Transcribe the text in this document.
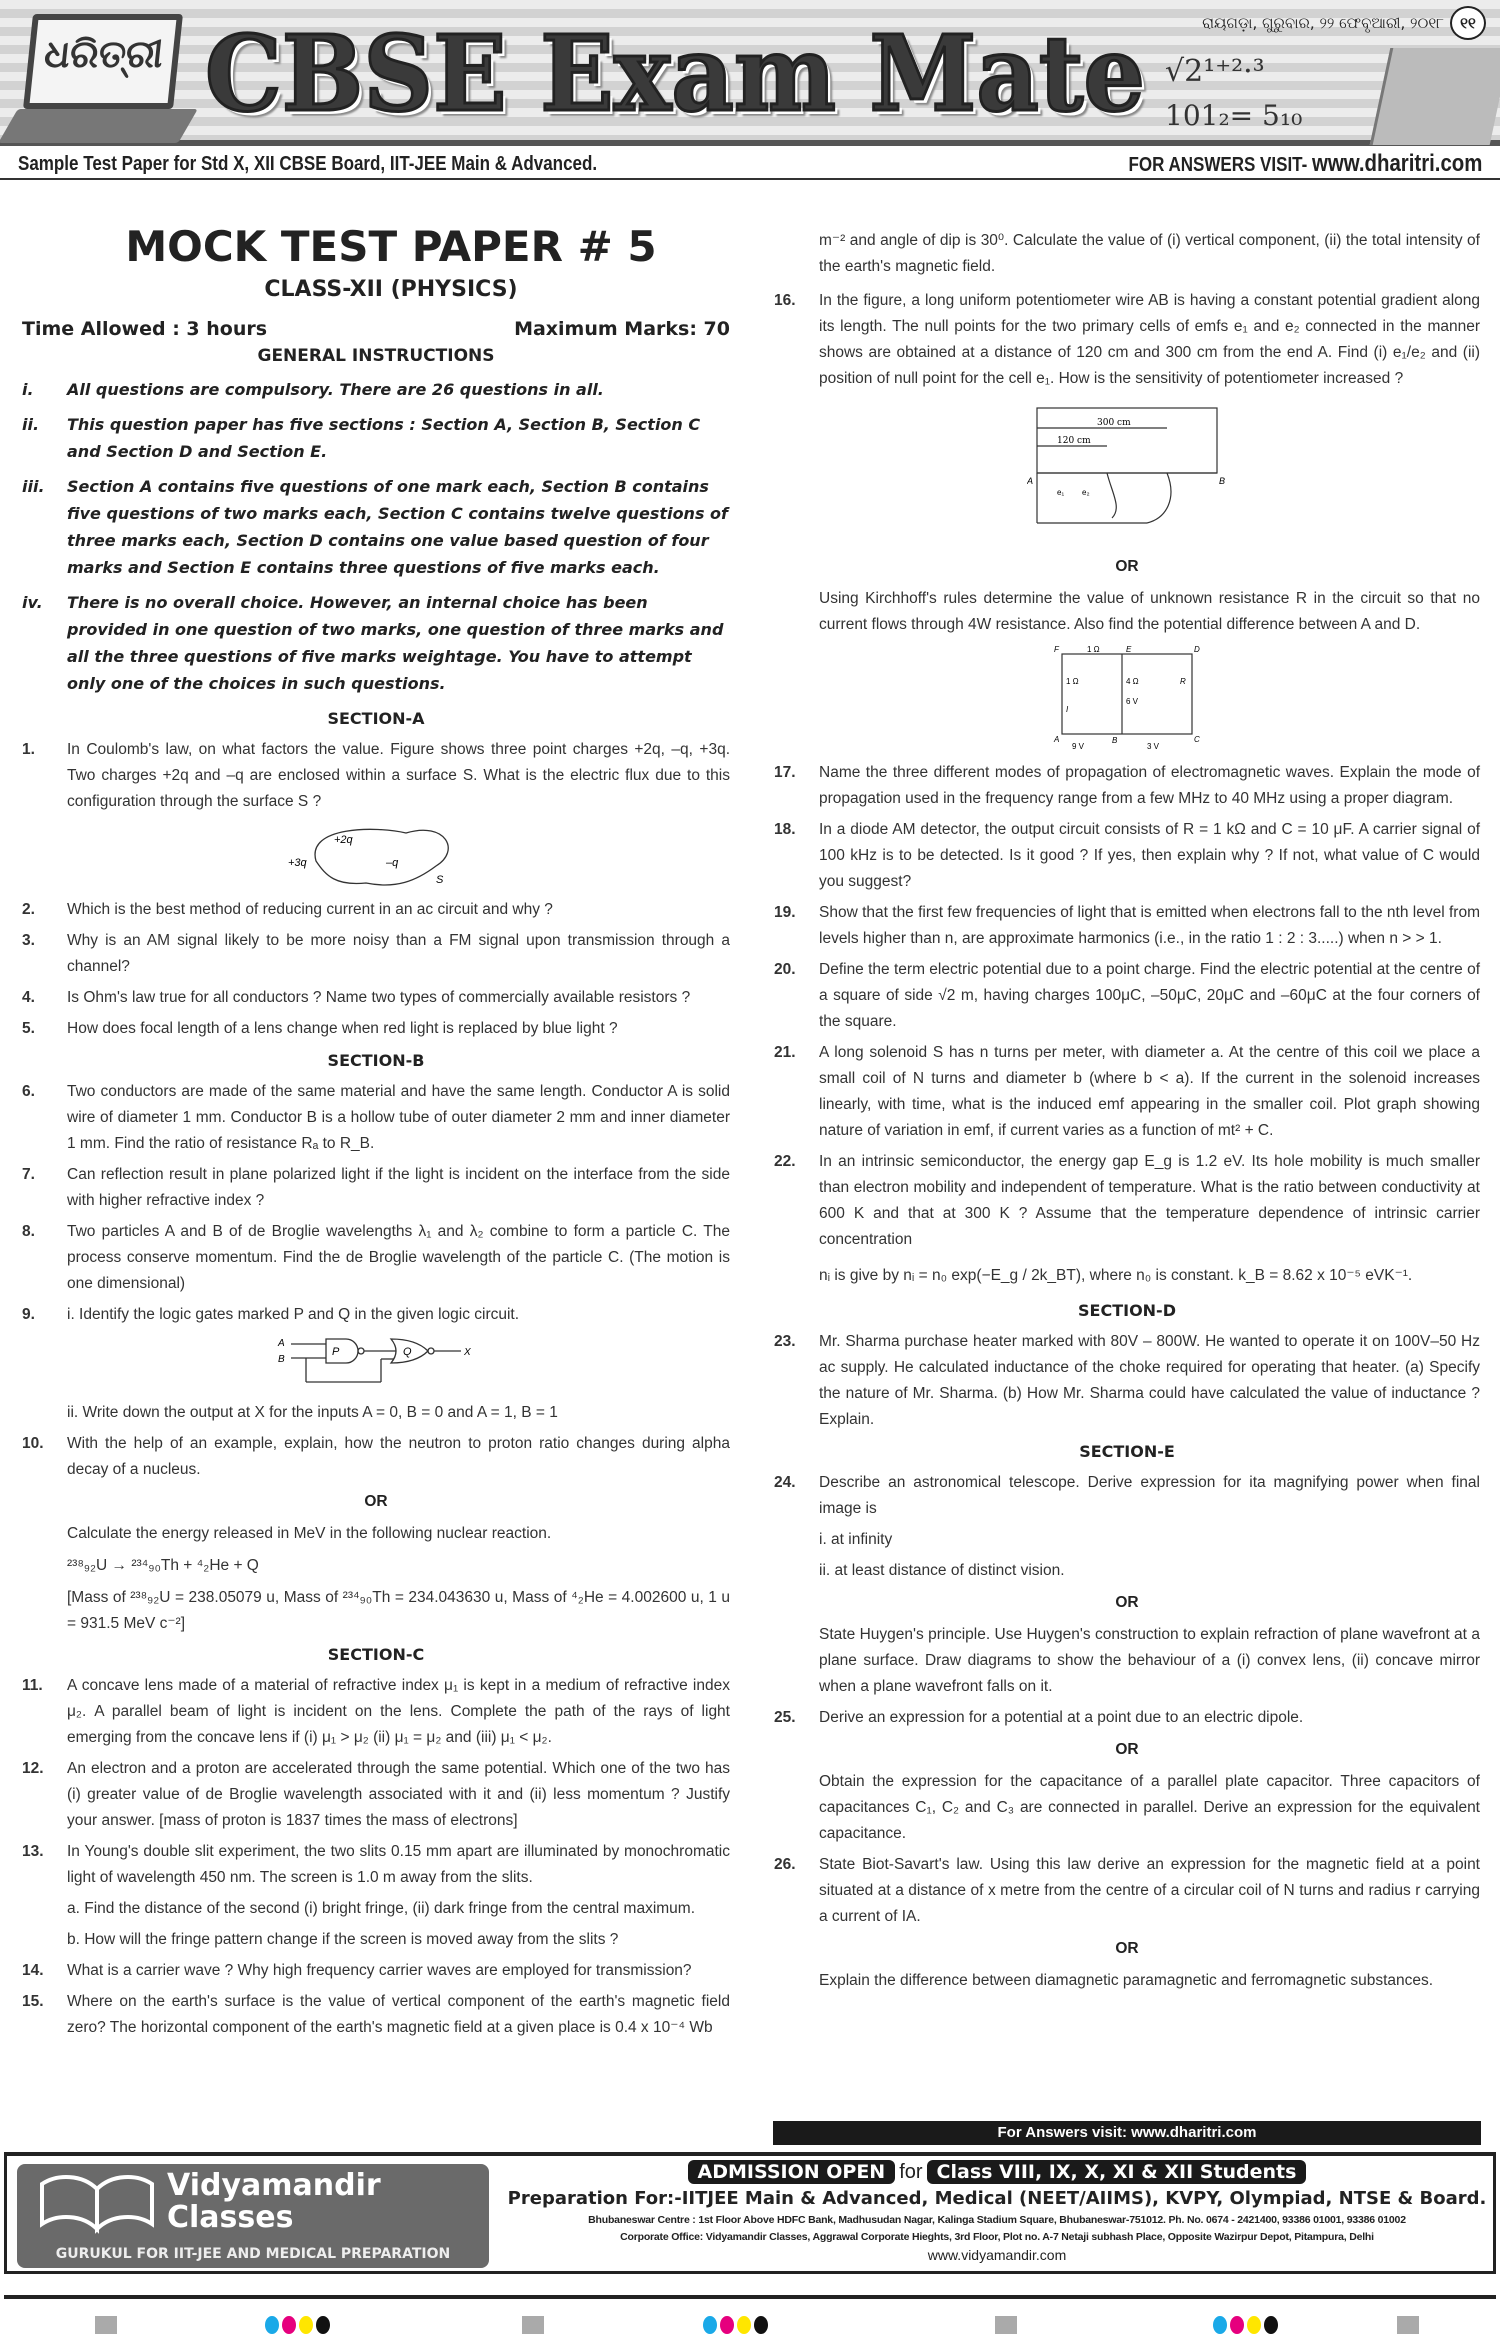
ଧରିତ୍ରୀ CBSE Exam Mate √2¹⁺²·³
101₂= 5₁₀
ରାୟଗଡ଼ା, ଗୁରୁବାର, ୨୨ ଫେବୃଆରୀ, ୨୦୧୮	୧୧
Sample Test Paper for Std X, XII CBSE Board, IIT-JEE Main & Advanced.	FOR ANSWERS VISIT- www.dharitri.com
MOCK TEST PAPER # 5
CLASS-XII (PHYSICS)
Time Allowed : 3 hours	Maximum Marks: 70
GENERAL INSTRUCTIONS
i.	All questions are compulsory. There are 26 questions in all.
ii.	This question paper has five sections : Section A, Section B, Section C and Section D and Section E.
iii.	Section A contains five questions of one mark each, Section B contains five questions of two marks each, Section C contains twelve questions of three marks each, Section D contains one value based question of four marks and Section E contains three questions of five marks each.
iv.	There is no overall choice. However, an internal choice has been provided in one question of two marks, one question of three marks and all the three questions of five marks weightage. You have to attempt only one of the choices in such questions.
SECTION-A
1.	In Coulomb's law, on what factors the value. Figure shows three point charges +2q, –q, +3q. Two charges +2q and –q are enclosed within a surface S. What is the electric flux due to this configuration through the surface S ?
+2q
+3q	–q
S
2.	Which is the best method of reducing current in an ac circuit and why ?
3.	Why is an AM signal likely to be more noisy than a FM signal upon transmission through a channel?
4.	Is Ohm's law true for all conductors ? Name two types of commercially available resistors ?
5.	How does focal length of a lens change when red light is replaced by blue light ?
SECTION-B
6.	Two conductors are made of the same material and have the same length. Conductor A is solid wire of diameter 1 mm. Conductor B is a hollow tube of outer diameter 2 mm and inner diameter 1 mm. Find the ratio of resistance Rₐ to R_B.
7.	Can reflection result in plane polarized light if the light is incident on the interface from the side with higher refractive index ?
8.	Two particles A and B of de Broglie wavelengths λ₁ and λ₂ combine to form a particle C. The process conserve momentum. Find the de Broglie wavelength of the particle C. (The motion is one dimensional)
9.	i. Identify the logic gates marked P and Q in the given logic circuit.
A
B
P	Q	X
ii. Write down the output at X for the inputs A = 0, B = 0 and A = 1, B = 1
10.	With the help of an example, explain, how the neutron to proton ratio changes during alpha decay of a nucleus.
OR
Calculate the energy released in MeV in the following nuclear reaction.
²³⁸₉₂U → ²³⁴₉₀Th + ⁴₂He + Q
[Mass of ²³⁸₉₂U = 238.05079 u, Mass of ²³⁴₉₀Th = 234.043630 u, Mass of ⁴₂He = 4.002600 u, 1 u = 931.5 MeV c⁻²]
SECTION-C
11.	A concave lens made of a material of refractive index μ₁ is kept in a medium of refractive index μ₂. A parallel beam of light is incident on the lens. Complete the path of the rays of light emerging from the concave lens if (i) μ₁ > μ₂ (ii) μ₁ = μ₂ and (iii) μ₁ < μ₂.
12.	An electron and a proton are accelerated through the same potential. Which one of the two has (i) greater value of de Broglie wavelength associated with it and (ii) less momentum ? Justify your answer. [mass of proton is 1837 times the mass of electrons]
13.	In Young's double slit experiment, the two slits 0.15 mm apart are illuminated by monochromatic light of wavelength 450 nm. The screen is 1.0 m away from the slits.
a. Find the distance of the second (i) bright fringe, (ii) dark fringe from the central maximum.
b. How will the fringe pattern change if the screen is moved away from the slits ?
14.	What is a carrier wave ? Why high frequency carrier waves are employed for transmission?
15.	Where on the earth's surface is the value of vertical component of the earth's magnetic field zero? The horizontal component of the earth's magnetic field at a given place is 0.4 x 10⁻⁴ Wb
m⁻² and angle of dip is 30⁰. Calculate the value of (i) vertical component, (ii) the total intensity of the earth's magnetic field.
16.	In the figure, a long uniform potentiometer wire AB is having a constant potential gradient along its length. The null points for the two primary cells of emfs e₁ and e₂ connected in the manner shows are obtained at a distance of 120 cm and 300 cm from the end A. Find (i) e₁/e₂ and (ii) position of null point for the cell e₁. How is the sensitivity of potentiometer increased ?
300 cm
120 cm
A	B
e₁ e₂
OR
Using Kirchhoff's rules determine the value of unknown resistance R in the circuit so that no current flows through 4W resistance. Also find the potential difference between A and D.
1 Ω
1 Ω	4 Ω	R
6 V
9 V	3 V
F	E	D
A	B	C
I
17.	Name the three different modes of propagation of electromagnetic waves. Explain the mode of propagation used in the frequency range from a few MHz to 40 MHz using a proper diagram.
18.	In a diode AM detector, the output circuit consists of R = 1 kΩ and C = 10 μF. A carrier signal of 100 kHz is to be detected. Is it good ? If yes, then explain why ? If not, what value of C would you suggest?
19.	Show that the first few frequencies of light that is emitted when electrons fall to the nth level from levels higher than n, are approximate harmonics (i.e., in the ratio 1 : 2 : 3.....) when n > > 1.
20.	Define the term electric potential due to a point charge. Find the electric potential at the centre of a square of side √2 m, having charges 100μC, –50μC, 20μC and –60μC at the four corners of the square.
21.	A long solenoid S has n turns per meter, with diameter a. At the centre of this coil we place a small coil of N turns and diameter b (where b < a). If the current in the solenoid increases linearly, with time, what is the induced emf appearing in the smaller coil. Plot graph showing nature of variation in emf, if current varies as a function of mt² + C.
22.	In an intrinsic semiconductor, the energy gap E_g is 1.2 eV. Its hole mobility is much smaller than electron mobility and independent of temperature. What is the ratio between conductivity at 600 K and that at 300 K ? Assume that the temperature dependence of intrinsic carrier concentration
nᵢ is give by nᵢ = n₀ exp(−E_g / 2k_BT), where n₀ is constant. k_B = 8.62 x 10⁻⁵ eVK⁻¹.
SECTION-D
23.	Mr. Sharma purchase heater marked with 80V – 800W. He wanted to operate it on 100V–50 Hz ac supply. He calculated inductance of the choke required for operating that heater. (a) Specify the nature of Mr. Sharma. (b) How Mr. Sharma could have calculated the value of inductance ? Explain.
SECTION-E
24.	Describe an astronomical telescope. Derive expression for ita magnifying power when final image is
i. at infinity
ii. at least distance of distinct vision.
OR
State Huygen's principle. Use Huygen's construction to explain refraction of plane wavefront at a plane surface. Draw diagrams to show the behaviour of a (i) convex lens, (ii) concave mirror when a plane wavefront falls on it.
25.	Derive an expression for a potential at a point due to an electric dipole.
OR
Obtain the expression for the capacitance of a parallel plate capacitor. Three capacitors of capacitances C₁, C₂ and C₃ are connected in parallel. Derive an expression for the equivalent capacitance.
26.	State Biot-Savart's law. Using this law derive an expression for the magnetic field at a point situated at a distance of x metre from the centre of a circular coil of N turns and radius r carrying a current of IA.
OR
Explain the difference between diamagnetic paramagnetic and ferromagnetic substances.
For Answers visit: www.dharitri.com
Vidyamandir
Classes
GURUKUL FOR IIT-JEE AND MEDICAL PREPARATION
ADMISSION OPEN for Class VIII, IX, X, XI & XII Students
Preparation For:-IITJEE Main & Advanced, Medical (NEET/AIIMS), KVPY, Olympiad, NTSE & Board.
Bhubaneswar Centre : 1st Floor Above HDFC Bank, Madhusudan Nagar, Kalinga Stadium Square, Bhubaneswar-751012. Ph. No. 0674 - 2421400, 93386 01001, 93386 01002
Corporate Office: Vidyamandir Classes, Aggrawal Corporate Hieghts, 3rd Floor, Plot no. A-7 Netaji subhash Place, Opposite Wazirpur Depot, Pitampura, Delhi
www.vidyamandir.com
